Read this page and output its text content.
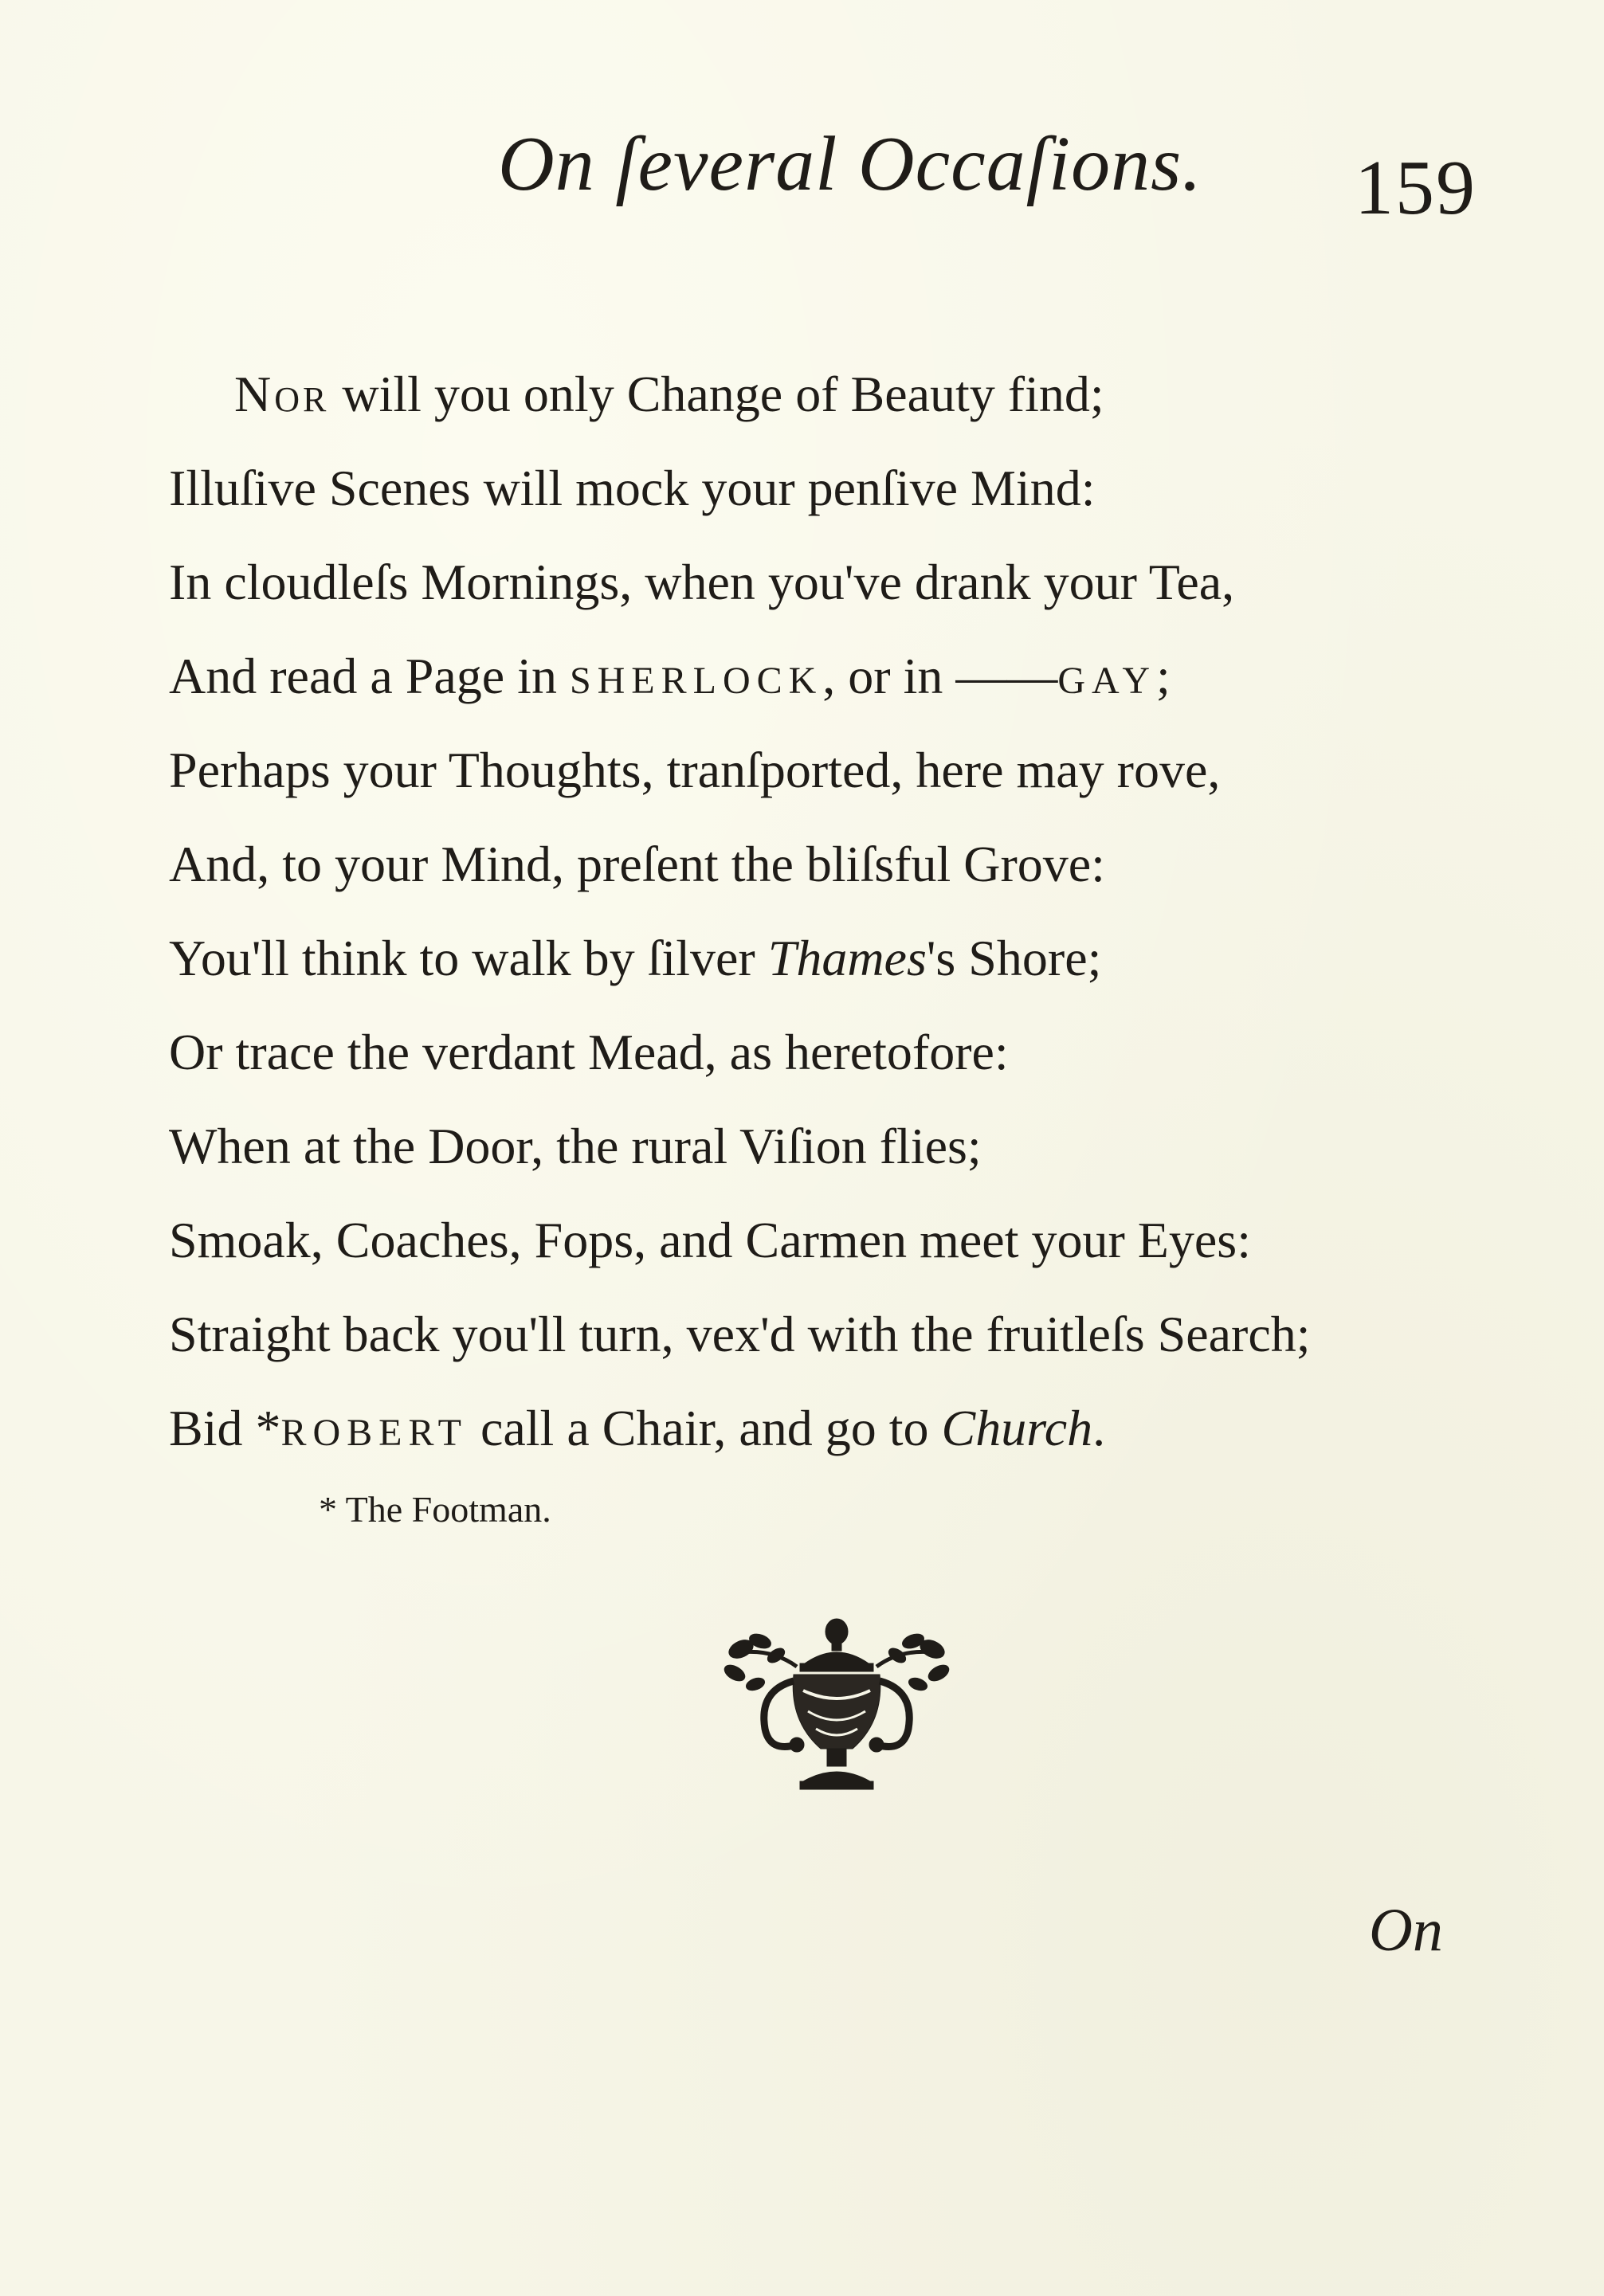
On ſeveral Occaſions. 159
NOR will you only Change of Beauty find;
Illuſive Scenes will mock your penſive Mind:
In cloudleſs Mornings, when you've drank your Tea,
And read a Page in SHERLOCK, or in ——GAY;
Perhaps your Thoughts, tranſported, here may rove,
And, to your Mind, preſent the bliſsful Grove:
You'll think to walk by ſilver Thames's Shore;
Or trace the verdant Mead, as heretofore:
When at the Door, the rural Viſion flies;
Smoak, Coaches, Fops, and Carmen meet your Eyes:
Straight back you'll turn, vex'd with the fruitleſs Search;
Bid *ROBERT call a Chair, and go to Church.
* The Footman.
On
